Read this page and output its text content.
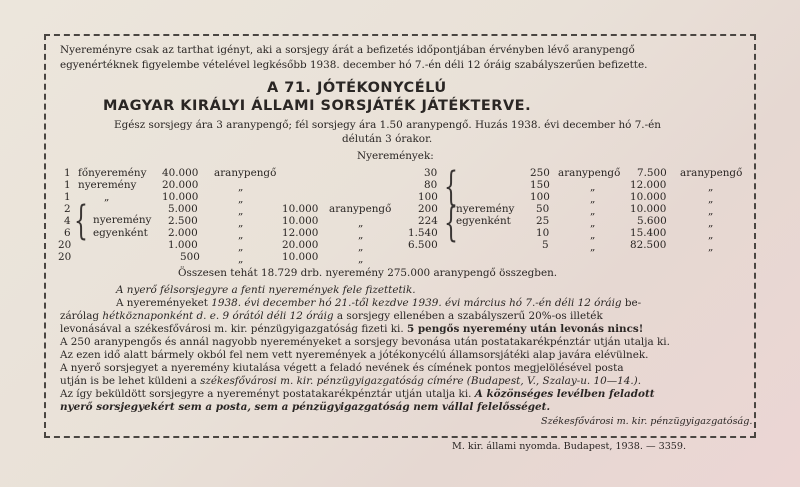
Nyereményre csak az tarthat igényt, aki a sorsjegy árát a befizetés időpontjában érvényben lévő aranypengő
egyenértéknek figyelembe vételével legkésőbb 1938. december hó 7.-én déli 12 óráig szabályszerűen befizette.
A 71. JÓTÉKONYCÉLÚ
MAGYAR KIRÁLYI ÁLLAMI SORSJÁTÉK JÁTÉKTERVE.
Egész sorsjegy ára 3 aranypengő; fél sorsjegy ára 1.50 aranypengő. Huzás 1938. évi december hó 7.-én
délután 3 órakor.
Nyeremények:
1
1
1
2
4
6
20
20
főnyeremény
nyeremény
„
{ nyeremény
egyenként
40.000
20.000
10.000
5.000
2.500
2.000
1.000
500
aranypengő
„
„
„
„
„
„
„
10.000
10.000
12.000
20.000
10.000
aranypengő
„
„
„
„
30
80
100
200
224
1.540
6.500
{
{
nyeremény
egyenként
250
150
100
50
25
10
5
aranypengő
„
„
„
„
„
„
7.500
12.000
10.000
10.000
5.600
15.400
82.500
„
„
„
„
„
„
aranypengő
Összesen tehát 18.729 drb. nyeremény 275.000 aranypengő összegben.
A nyerő félsorsjegyre a fenti nyeremények fele fizettetik.
A nyereményeket 1938. évi december hó 21.-től kezdve 1939. évi március hó 7.-én déli 12 óráig be-
zárólag hétköznaponként d. e. 9 órától déli 12 óráig a sorsjegy ellenében a szabályszerű 20%-os illeték
levonásával a székesfővárosi m. kir. pénzügyigazgatóság fizeti ki. 5 pengős nyeremény után levonás nincs!
A 250 aranypengős és annál nagyobb nyereményeket a sorsjegy bevonása után postatakarékpénztár utján utalja ki.
Az ezen idő alatt bármely okból fel nem vett nyeremények a jótékonycélú államsorsjátéki alap javára elévülnek.
A nyerő sorsjegyet a nyeremény kiutalása végett a feladó nevének és címének pontos megjelölésével posta
utján is be lehet küldeni a székesfővárosi m. kir. pénzügyigazgatóság címére (Budapest, V., Szalay-u. 10—14.).
Az így beküldött sorsjegyre a nyereményt postatakarékpénztár utján utalja ki. A közönséges levélben feladott
nyerő sorsjegyekért sem a posta, sem a pénzügyigazgatóság nem vállal felelősséget.
Székesfővárosi m. kir. pénzügyigazgatóság.
M. kir. állami nyomda. Budapest, 1938. — 3359.
